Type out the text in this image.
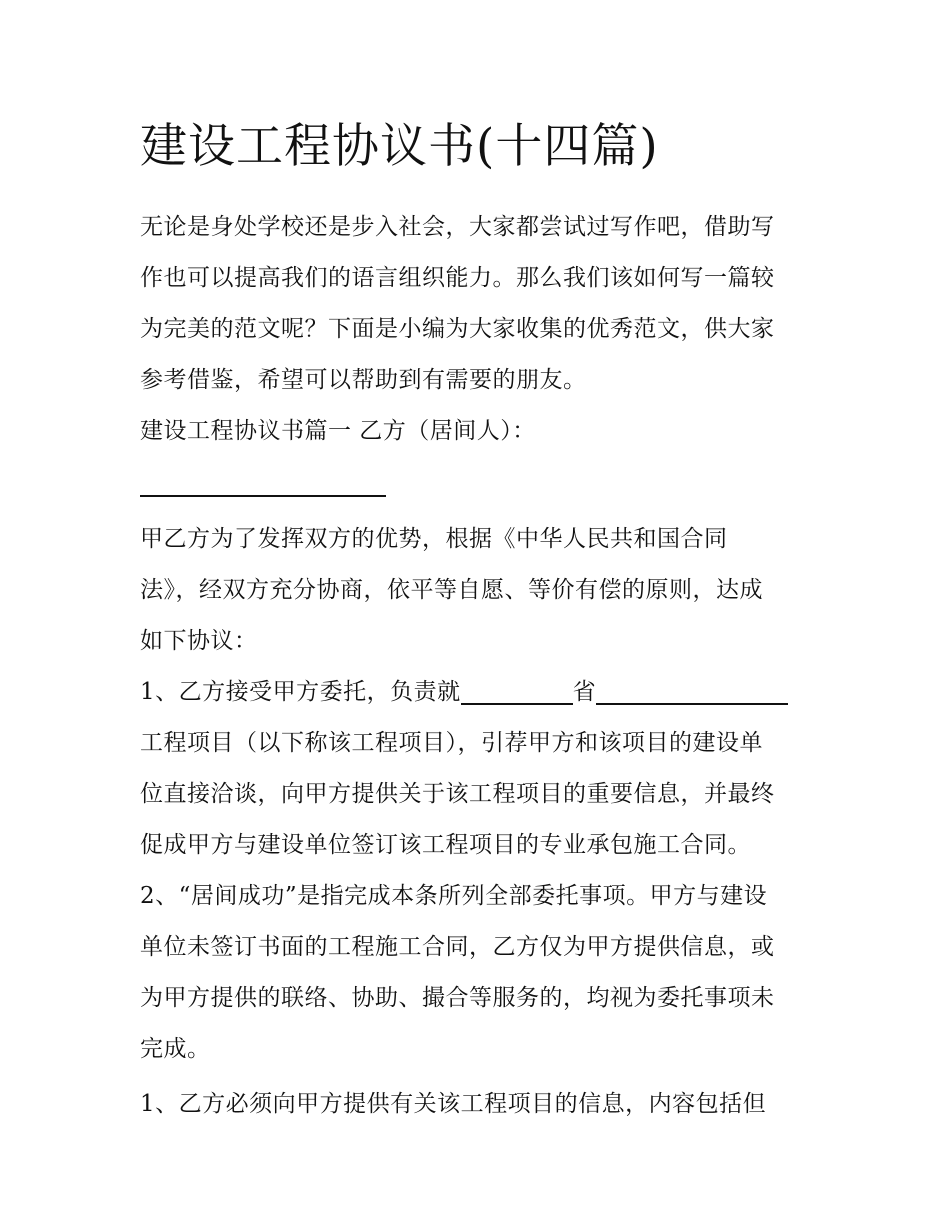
建设工程协议书(十四篇)
无论是身处学校还是步入社会，大家都尝试过写作吧，借助写
作也可以提高我们的语言组织能力。那么我们该如何写一篇较
为完美的范文呢？下面是小编为大家收集的优秀范文，供大家
参考借鉴，希望可以帮助到有需要的朋友。
建设工程协议书篇一 乙方（居间人）：
甲乙方为了发挥双方的优势，根据《中华人民共和国合同
法》，经双方充分协商，依平等自愿、等价有偿的原则，达成
如下协议：
1、乙方接受甲方委托，负责就	省
工程项目（以下称该工程项目），引荐甲方和该项目的建设单
位直接洽谈，向甲方提供关于该工程项目的重要信息，并最终
促成甲方与建设单位签订该工程项目的专业承包施工合同。
2、“居间成功”是指完成本条所列全部委托事项。甲方与建设
单位未签订书面的工程施工合同，乙方仅为甲方提供信息，或
为甲方提供的联络、协助、撮合等服务的，均视为委托事项未
完成。
1、乙方必须向甲方提供有关该工程项目的信息，内容包括但
